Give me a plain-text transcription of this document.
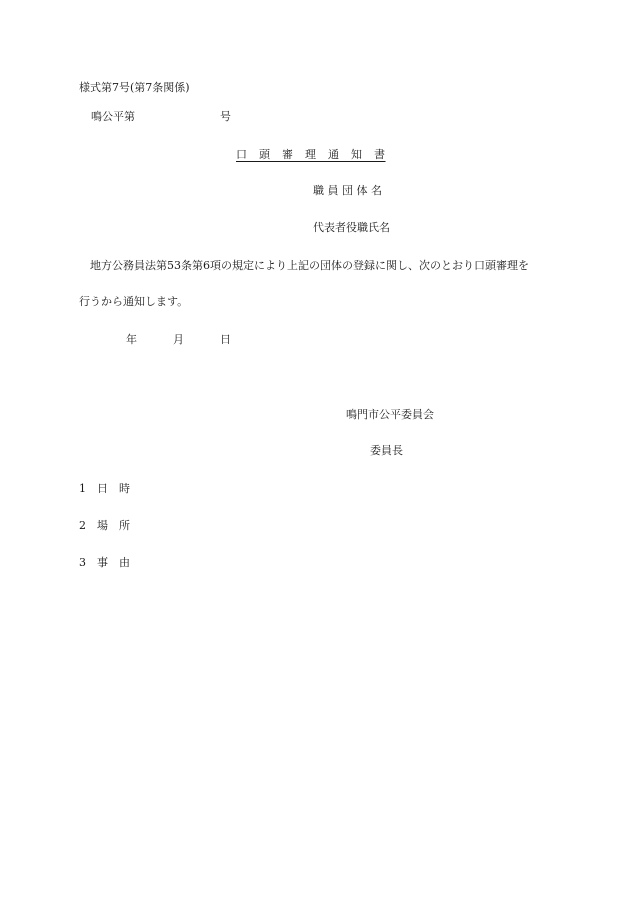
様式第7号(第7条関係)
鳴公平第	号
口　頭　審　理　通　知　書
職 員 団 体 名
代表者役職氏名
　地方公務員法第53条第6項の規定により上記の団体の登録に関し、次のとおり口頭審理を
行うから通知します。
年	月	日
鳴門市公平委員会
委員長
1 日　時
2 場　所
3 事　由
